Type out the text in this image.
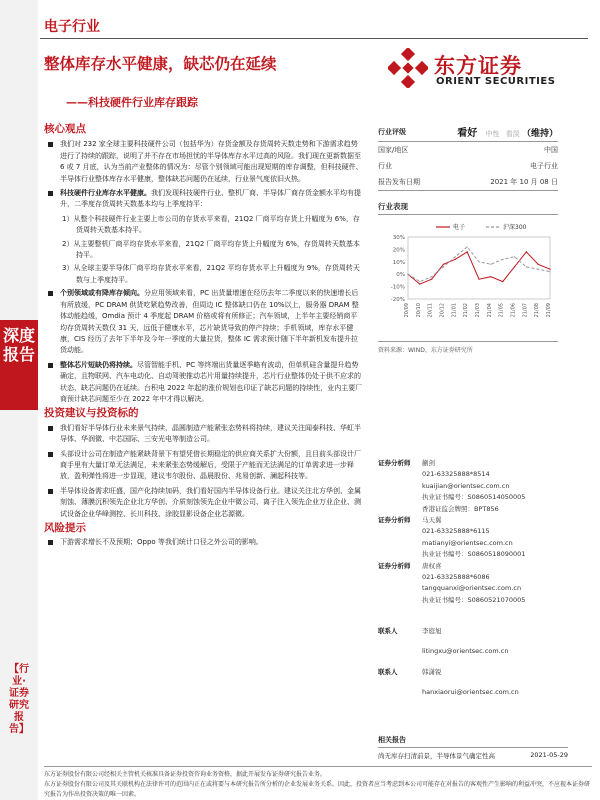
深度报告
【行业·证券研究报告】
电子行业
整体库存水平健康，缺芯仍在延续
——科技硬件行业库存跟踪
东方证券
ORIENT SECURITIES
核心观点
我们对 232 家全球主要科技硬件公司（包括华为）存货金额及存货周转天数走势和下游需求趋势进行了持续的跟踪，说明了并不存在市场担忧的半导体库存水平过高的风险。我们现在更新数据至 6 或 7 月底，认为当前产业整体的情况为：尽管个别领域可能出现短期的库存调整，但科技硬件、半导体行业整体库存水平健康，整体缺芯问题仍在延续，行业景气度依旧火热。
科技硬件行业库存水平健康。我们发现科技硬件行业、整机厂商、半导体厂商存货金额水平均有提升，二季度存货周转天数基本均与上季度持平：
1）从整个科技硬件行业主要上市公司的存货水平来看，21Q2 厂商平均存货上升幅度为 6%，存货周转天数基本持平。
2）从主要整机厂商平均存货水平来看，21Q2 厂商平均存货上升幅度为 6%，存货周转天数基本持平。
3）从全球主要半导体厂商平均存货水平来看，21Q2 平均存货水平上升幅度为 9%，存货周转天数与上季度持平。
个别领域或有降库存倾向。分应用领域来看，PC 出货量增速在经历去年二季度以来的快速增长后有所放缓，PC DRAM 供货吃紧趋势改善，但周边 IC 整体缺口仍在 10%以上，服务器 DRAM 整体动能趋缓，Omdia 预计 4 季度起 DRAM 价格或将有所修正；汽车领域，上半年主要经销商平均存货周转天数仅 31 天，远低于健康水平，芯片缺货导致的停产持续；手机领域，库存水平健康，CIS 经历了去年下半年及今年一季度的大量拉货，整体 IC 需求预计随下半年新机发布提升拉货动能。
整体芯片短缺仍将持续。尽管智能手机、PC 等终端出货量逐季略有波动，但单机硅含量提升趋势确定，且物联网、汽车电动化、自动驾驶推动芯片用量持续提升，芯片行业整体仍处于供不应求的状态，缺芯问题仍在延续。台积电 2022 年起的涨价规划也印证了缺芯问题的持续性，业内主要厂商预计缺芯问题至少在 2022 年中才得以解决。
投资建议与投资标的
我们看好半导体行业未来景气持续，晶圆制造产能紧张态势料将持续，建议关注闻泰科技、华虹半导体、华润微、中芯国际、三安光电等制造公司。
头部设计公司在制造产能紧缺背景下有望凭借长期稳定的供应商关系扩大份额，且目前头部设计厂商手里有大量订单无法满足，未来紧张态势缓解后，受限于产能而无法满足的订单需求进一步释放，盈利弹性将进一步显现，建议韦尔股份、晶晨股份、兆易创新、澜起科技等。
半导体设备需求旺盛，国产化持续加码，我们看好国内半导体设备行业。建议关注北方华创、金属刻蚀、薄膜沉积领先企业北方华创、介质刻蚀领先企业中微公司、离子注入领先企业万业企业、测试设备企业华峰测控、长川科技、涂胶显影设备企业芯源微。
风险提示
下游需求增长不及预期；Oppo 等我们统计口径之外公司的影响。
行业评级	看好 中性 看淡 （维持）
国家/地区	中国
行业	电子行业
报告发布日期	2021 年 10 月 08 日
行业表现
30%
20%
10%
0%
-10%
-20%
20/09 20/10 20/11 20/12 21/01 21/02 21/03 21/04 21/05 21/06 21/07 21/08 21/09
电子	沪深300
资料来源：WIND、东方证券研究所
证券分析师	蒯剑
021-63325888*8514
kuaijian@orientsec.com.cn
执业证书编号：S0860514050005
香港证监会牌照：BPT856
证券分析师	马天翼
021-63325888*6115
matianyi@orientsec.com.cn
执业证书编号：S0860518090001
证券分析师	唐权喜
021-63325888*6086
tangquanxi@orientsec.com.cn
执业证书编号：S0860521070005
联系人	李庭旭
litingxu@orientsec.com.cn
联系人	韩潇锐
hanxiaorui@orientsec.com.cn
相关报告
尚无库存扫清前景，半导体景气确定性高	2021-05-29
东方证券股份有限公司经相关主管机关核准具备证券投资咨询业务资格，据此开展发布证券研究报告业务。
东方证券股份有限公司及其关联机构在法律许可的范围内正在或将要与本研究报告所分析的企业发展业务关系。因此，投资者应当考虑到本公司可能存在对报告的客观性产生影响的利益冲突，不应视本证券研究报告为作出投资决策的唯一因素。
